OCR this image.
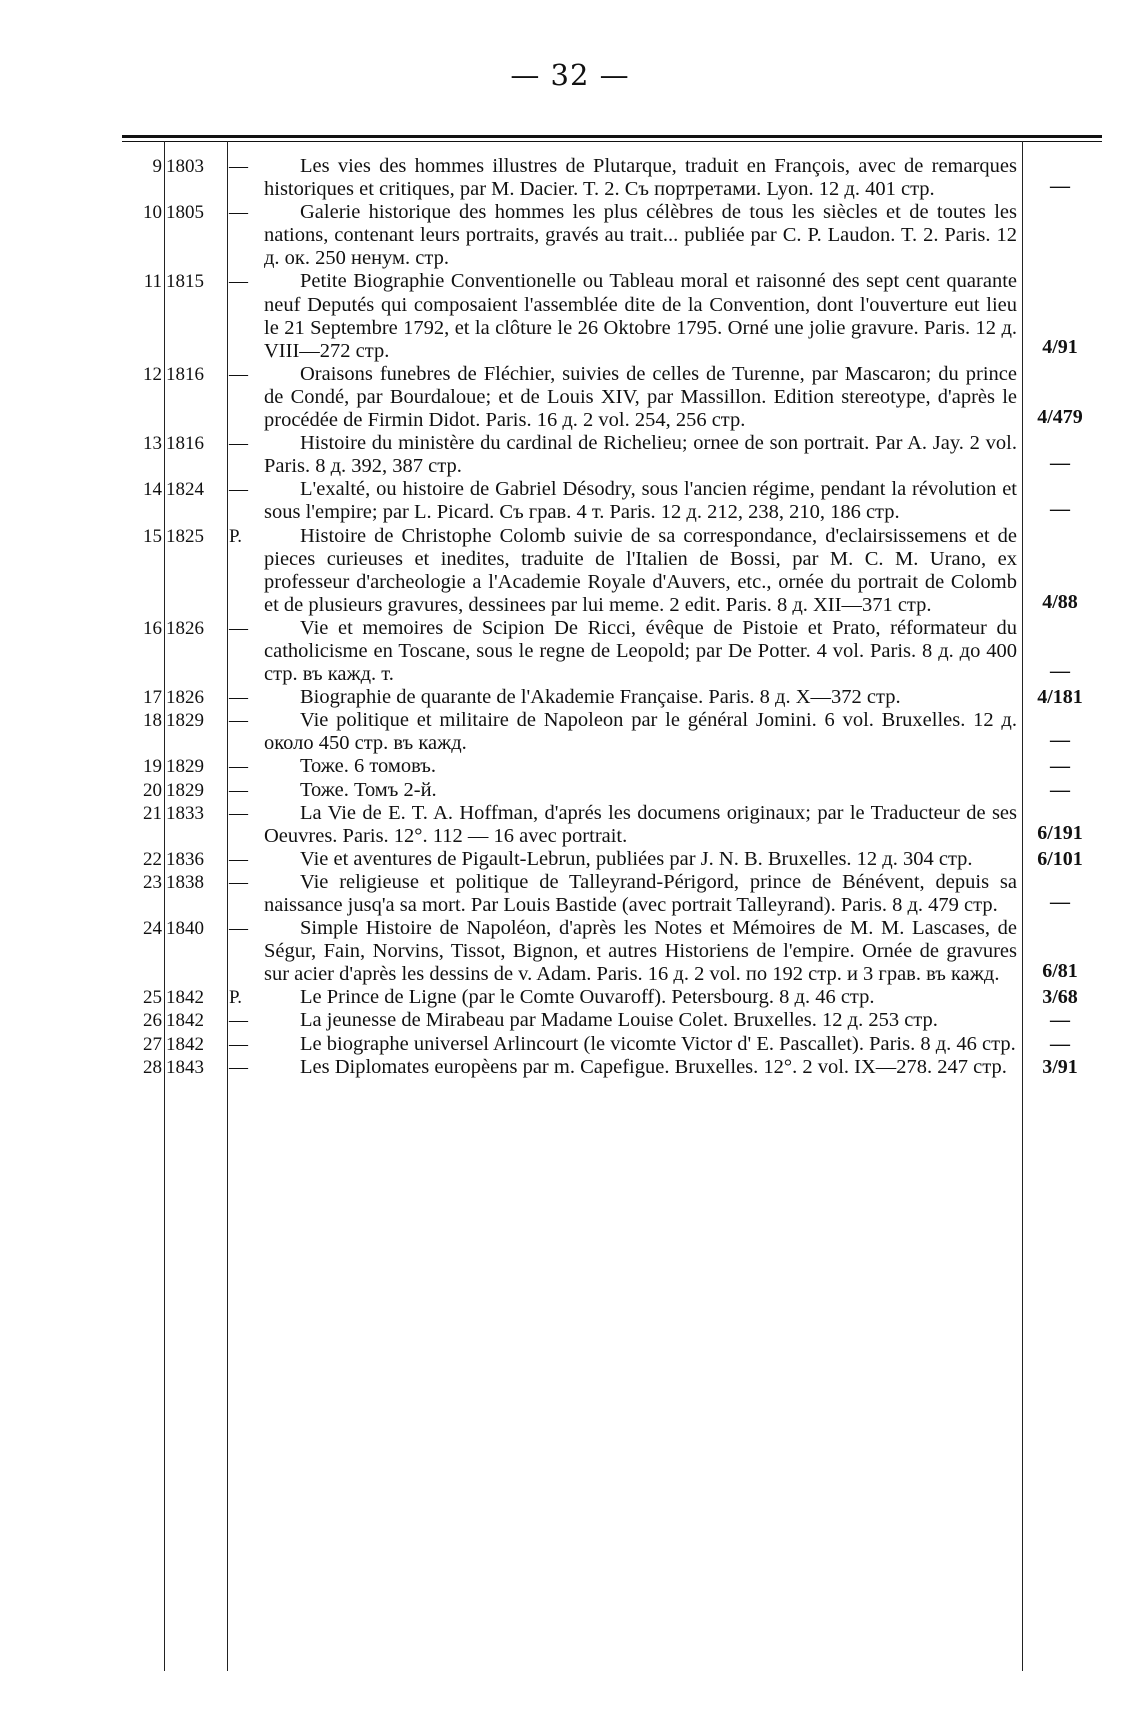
— 32 —
9 1803	—	Les vies des hommes illustres de Plutarque, traduit en François, avec de remarques historiques et critiques, par M. Dacier. T. 2. Съ портретами. Lyon. 12 д. 401 стр.	—
10 1805	—	Galerie historique des hommes les plus célèbres de tous les siècles et de toutes les nations, contenant leurs portraits, gravés au trait... publiée par C. P. Laudon. T. 2. Paris. 12 д. ок. 250 ненум. стр.
11 1815	—	Petite Biographie Conventionelle ou Tableau moral et raisonné des sept cent quarante neuf Deputés qui composaient l'assemblée dite de la Convention, dont l'ouverture eut lieu le 21 Septembre 1792, et la clôture le 26 Oktobre 1795. Orné une jolie gravure. Paris. 12 д. VIII—272 стр.	4/91
12 1816	—	Oraisons funebres de Fléchier, suivies de celles de Turenne, par Mascaron; du prince de Condé, par Bourdaloue; et de Louis XIV, par Massillon. Edition stereotype, d'après le procédée de Firmin Didot. Paris. 16 д. 2 vol. 254, 256 стр.	4/479
13 1816	—	Histoire du ministère du cardinal de Richelieu; ornee de son portrait. Par A. Jay. 2 vol. Paris. 8 д. 392, 387 стр.	—
14 1824	—	L'exalté, ou histoire de Gabriel Désodry, sous l'ancien régime, pendant la révolution et sous l'empire; par L. Picard. Съ грав. 4 т. Paris. 12 д. 212, 238, 210, 186 стр.	—
15 1825	Р.	Histoire de Christophe Colomb suivie de sa correspondance, d'eclairsissemens et de pieces curieuses et inedites, traduite de l'Italien de Bossi, par M. C. M. Urano, ex professeur d'archeologie a l'Academie Royale d'Auvers, etc., ornée du portrait de Colomb et de plusieurs gravures, dessinees par lui meme. 2 edit. Paris. 8 д. XII—371 стр.	4/88
16 1826	—	Vie et memoires de Scipion De Ricci, évêque de Pistoie et Prato, réformateur du catholicisme en Toscane, sous le regne de Leopold; par De Potter. 4 vol. Paris. 8 д. до 400 стр. въ кажд. т.	—
17 1826	—	Biographie de quarante de l'Akademie Française. Paris. 8 д. X—372 стр.	4/181
18 1829	—	Vie politique et militaire de Napoleon par le général Jomini. 6 vol. Bruxelles. 12 д. около 450 стр. въ кажд.	—
19 1829	—	Тоже. 6 томовъ.	—
20 1829	—	Тоже. Томъ 2-й.	—
21 1833	—	La Vie de E. T. A. Hoffman, d'aprés les documens originaux; par le Traducteur de ses Oeuvres. Paris. 12°. 112 — 16 avec portrait.	6/191
22 1836	—	Vie et aventures de Pigault-Lebrun, publiées par J. N. B. Bruxelles. 12 д. 304 стр.	6/101
23 1838	—	Vie religieuse et politique de Talleyrand-Périgord, prince de Bénévent, depuis sa naissance jusq'a sa mort. Par Louis Bastide (avec portrait Talleyrand). Paris. 8 д. 479 стр.	—
24 1840	—	Simple Histoire de Napoléon, d'après les Notes et Mémoires de M. M. Lascases, de Ségur, Fain, Norvins, Tissot, Bignon, et autres Historiens de l'empire. Ornée de gravures sur acier d'après les dessins de v. Adam. Paris. 16 д. 2 vol. по 192 стр. и 3 грав. въ кажд.	6/81
25 1842	Р.	Le Prince de Ligne (par le Comte Ouvaroff). Petersbourg. 8 д. 46 стр.	3/68
26 1842	—	La jeunesse de Mirabeau par Madame Louise Colet. Bruxelles. 12 д. 253 стр.	—
27 1842	—	Le biographe universel Arlincourt (le vicomte Victor d' E. Pascallet). Paris. 8 д. 46 стр.	—
28 1843	—	Les Diplomates europèens par m. Capefigue. Bruxelles. 12°. 2 vol. IX—278. 247 стр.	3/91
